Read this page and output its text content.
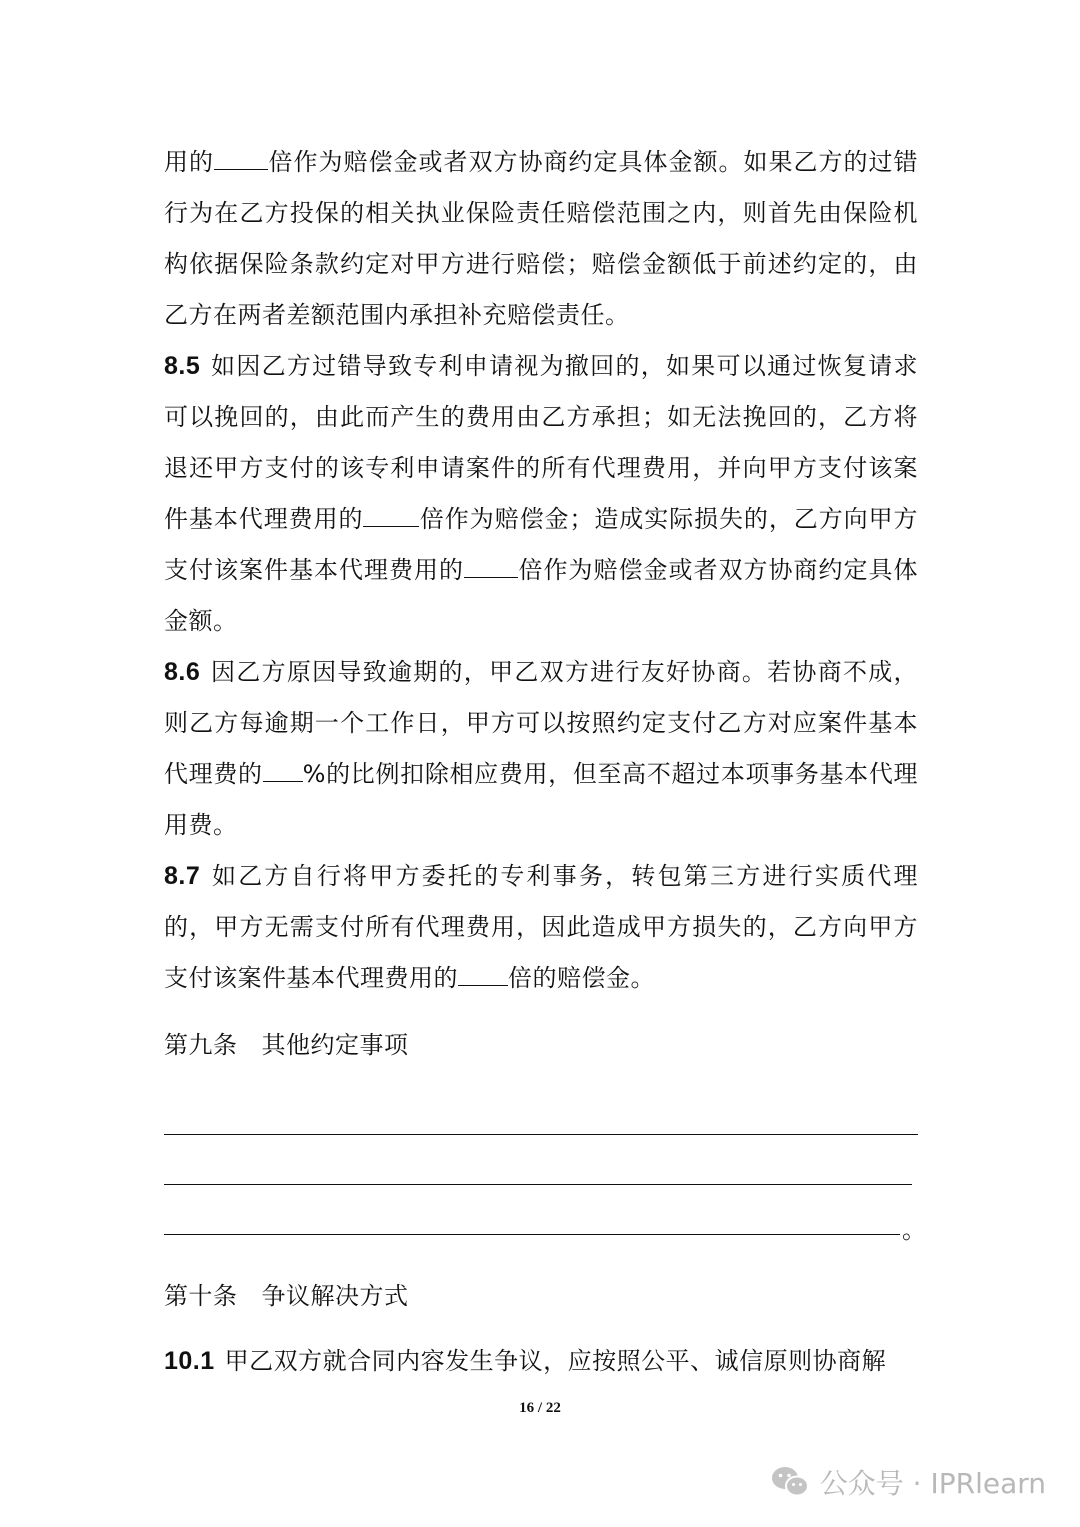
用的 倍作为赔偿金或者双方协商约定具体金额。如果乙方的过错行为在乙方投保的相关执业保险责任赔偿范围之内，则首先由保险机构依据保险条款约定对甲方进行赔偿；赔偿金额低于前述约定的，由乙方在两者差额范围内承担补充赔偿责任。

8.5 如因乙方过错导致专利申请视为撤回的，如果可以通过恢复请求可以挽回的，由此而产生的费用由乙方承担；如无法挽回的，乙方将退还甲方支付的该专利申请案件的所有代理费用，并向甲方支付该案件基本代理费用的 倍作为赔偿金；造成实际损失的，乙方向甲方支付该案件基本代理费用的 倍作为赔偿金或者双方协商约定具体金额。

8.6 因乙方原因导致逾期的，甲乙双方进行友好协商。若协商不成，则乙方每逾期一个工作日，甲方可以按照约定支付乙方对应案件基本代理费的 %的比例扣除相应费用，但至高不超过本项事务基本代理用费。

8.7 如乙方自行将甲方委托的专利事务，转包第三方进行实质代理的，甲方无需支付所有代理费用，因此造成甲方损失的，乙方向甲方支付该案件基本代理费用的 倍的赔偿金。

第九条 其他约定事项

。

第十条 争议解决方式

10.1 甲乙双方就合同内容发生争议，应按照公平、诚信原则协商解

16 / 22
公众号 · IPRlearn
